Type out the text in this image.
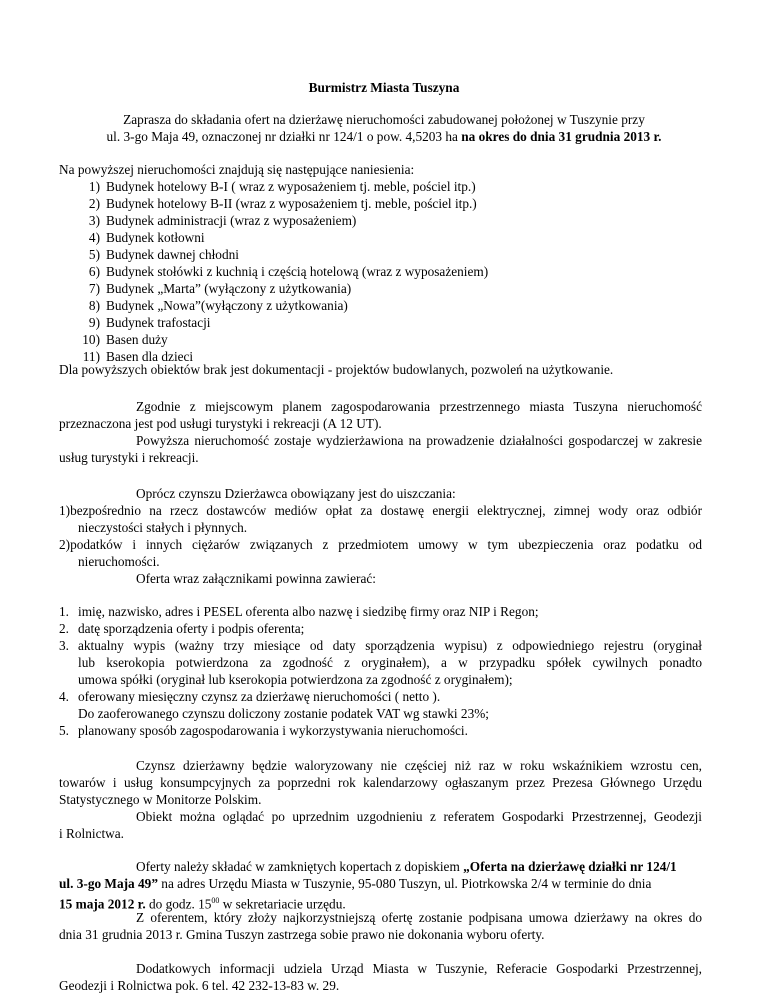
Burmistrz Miasta Tuszyna
Zaprasza do składania ofert na dzierżawę nieruchomości zabudowanej położonej w Tuszynie przy
ul. 3-go Maja 49, oznaczonej nr działki nr 124/1 o pow. 4,5203 ha na okres do dnia 31 grudnia 2013 r.
Na powyższej nieruchomości znajdują się następujące naniesienia:
1) Budynek hotelowy B-I ( wraz z wyposażeniem tj. meble, pościel itp.)
2) Budynek hotelowy B-II (wraz z wyposażeniem tj. meble, pościel itp.)
3) Budynek administracji (wraz z wyposażeniem)
4) Budynek kotłowni
5) Budynek dawnej chłodni
6) Budynek stołówki z kuchnią i częścią hotelową (wraz z wyposażeniem)
7) Budynek „Marta” (wyłączony z użytkowania)
8) Budynek „Nowa”(wyłączony z użytkowania)
9) Budynek trafostacji
10) Basen duży
11) Basen dla dzieci
Dla powyższych obiektów brak jest dokumentacji - projektów budowlanych, pozwoleń na użytkowanie.
Zgodnie z miejscowym planem zagospodarowania przestrzennego miasta Tuszyna nieruchomość
przeznaczona jest pod usługi turystyki i rekreacji (A 12 UT).
Powyższa nieruchomość zostaje wydzierżawiona na prowadzenie działalności gospodarczej w zakresie
usług turystyki i rekreacji.
Oprócz czynszu Dzierżawca obowiązany jest do uiszczania:
1)bezpośrednio na rzecz dostawców mediów opłat za dostawę energii elektrycznej, zimnej wody oraz odbiór
nieczystości stałych i płynnych.
2)podatków i innych ciężarów związanych z przedmiotem umowy w tym ubezpieczenia oraz podatku od
nieruchomości.
Oferta wraz załącznikami powinna zawierać:
1. imię, nazwisko, adres i PESEL oferenta albo nazwę i siedzibę firmy oraz NIP i Regon;
2. datę sporządzenia oferty i podpis oferenta;
3. aktualny wypis (ważny trzy miesiące od daty sporządzenia wypisu) z odpowiedniego rejestru (oryginał
lub kserokopia potwierdzona za zgodność z oryginałem), a w przypadku spółek cywilnych ponadto
umowa spółki (oryginał lub kserokopia potwierdzona za zgodność z oryginałem);
4. oferowany miesięczny czynsz za dzierżawę nieruchomości ( netto ).
Do zaoferowanego czynszu doliczony zostanie podatek VAT wg stawki 23%;
5. planowany sposób zagospodarowania i wykorzystywania nieruchomości.
Czynsz dzierżawny będzie waloryzowany nie częściej niż raz w roku wskaźnikiem wzrostu cen,
towarów i usług konsumpcyjnych za poprzedni rok kalendarzowy ogłaszanym przez Prezesa Głównego Urzędu
Statystycznego w Monitorze Polskim.
Obiekt można oglądać po uprzednim uzgodnieniu z referatem Gospodarki Przestrzennej, Geodezji
i Rolnictwa.
Oferty należy składać w zamkniętych kopertach z dopiskiem „Oferta na dzierżawę działki nr 124/1
ul. 3-go Maja 49” na adres Urzędu Miasta w Tuszynie, 95-080 Tuszyn, ul. Piotrkowska 2/4 w terminie do dnia
15 maja 2012 r. do godz. $15^{00}$ w sekretariacie urzędu.
Z oferentem, który złoży najkorzystniejszą ofertę zostanie podpisana umowa dzierżawy na okres do
dnia 31 grudnia 2013 r. Gmina Tuszyn zastrzega sobie prawo nie dokonania wyboru oferty.
Dodatkowych informacji udziela Urząd Miasta w Tuszynie, Referacie Gospodarki Przestrzennej,
Geodezji i Rolnictwa pok. 6 tel. 42 232-13-83 w. 29.
